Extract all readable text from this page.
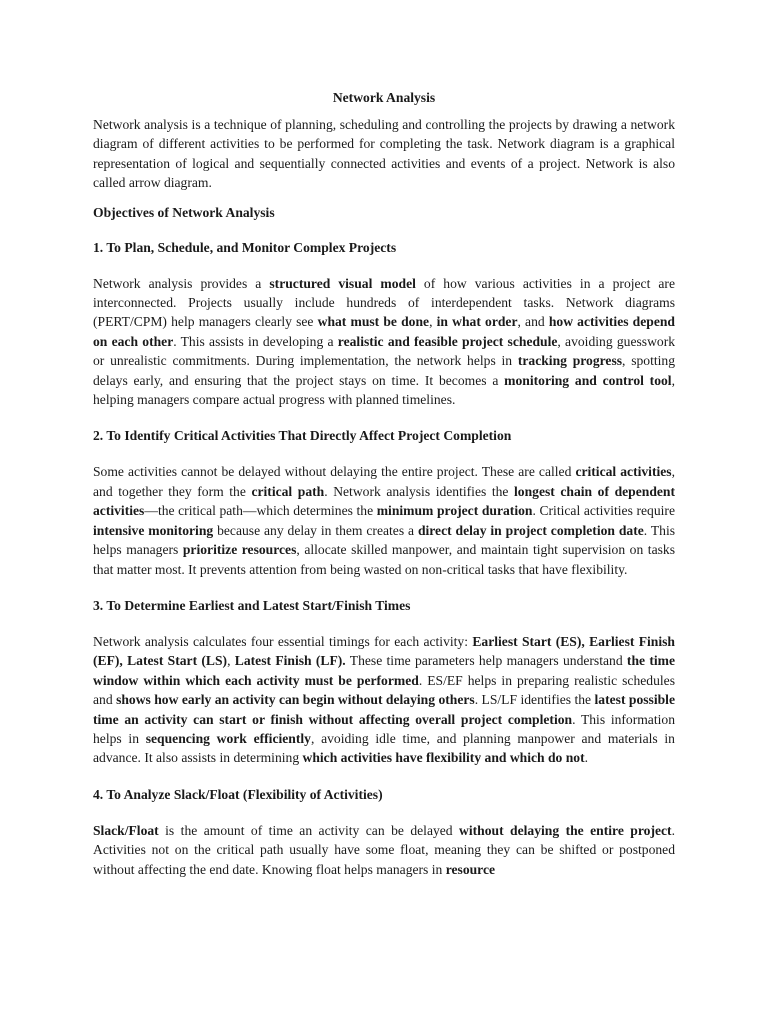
Network Analysis

Network analysis is a technique of planning, scheduling and controlling the projects by drawing a network diagram of different activities to be performed for completing the task. Network diagram is a graphical representation of logical and sequentially connected activities and events of a project. Network is also called arrow diagram.

Objectives of Network Analysis
1. To Plan, Schedule, and Monitor Complex Projects

Network analysis provides a structured visual model of how various activities in a project are interconnected. Projects usually include hundreds of interdependent tasks. Network diagrams (PERT/CPM) help managers clearly see what must be done, in what order, and how activities depend on each other. This assists in developing a realistic and feasible project schedule, avoiding guesswork or unrealistic commitments. During implementation, the network helps in tracking progress, spotting delays early, and ensuring that the project stays on time. It becomes a monitoring and control tool, helping managers compare actual progress with planned timelines.

2. To Identify Critical Activities That Directly Affect Project Completion

Some activities cannot be delayed without delaying the entire project. These are called critical activities, and together they form the critical path. Network analysis identifies the longest chain of dependent activities—the critical path—which determines the minimum project duration. Critical activities require intensive monitoring because any delay in them creates a direct delay in project completion date. This helps managers prioritize resources, allocate skilled manpower, and maintain tight supervision on tasks that matter most. It prevents attention from being wasted on non-critical tasks that have flexibility.

3. To Determine Earliest and Latest Start/Finish Times

Network analysis calculates four essential timings for each activity: Earliest Start (ES), Earliest Finish (EF), Latest Start (LS), Latest Finish (LF). These time parameters help managers understand the time window within which each activity must be performed. ES/EF helps in preparing realistic schedules and shows how early an activity can begin without delaying others. LS/LF identifies the latest possible time an activity can start or finish without affecting overall project completion. This information helps in sequencing work efficiently, avoiding idle time, and planning manpower and materials in advance. It also assists in determining which activities have flexibility and which do not.

4. To Analyze Slack/Float (Flexibility of Activities)

Slack/Float is the amount of time an activity can be delayed without delaying the entire project. Activities not on the critical path usually have some float, meaning they can be shifted or postponed without affecting the end date. Knowing float helps managers in resource
